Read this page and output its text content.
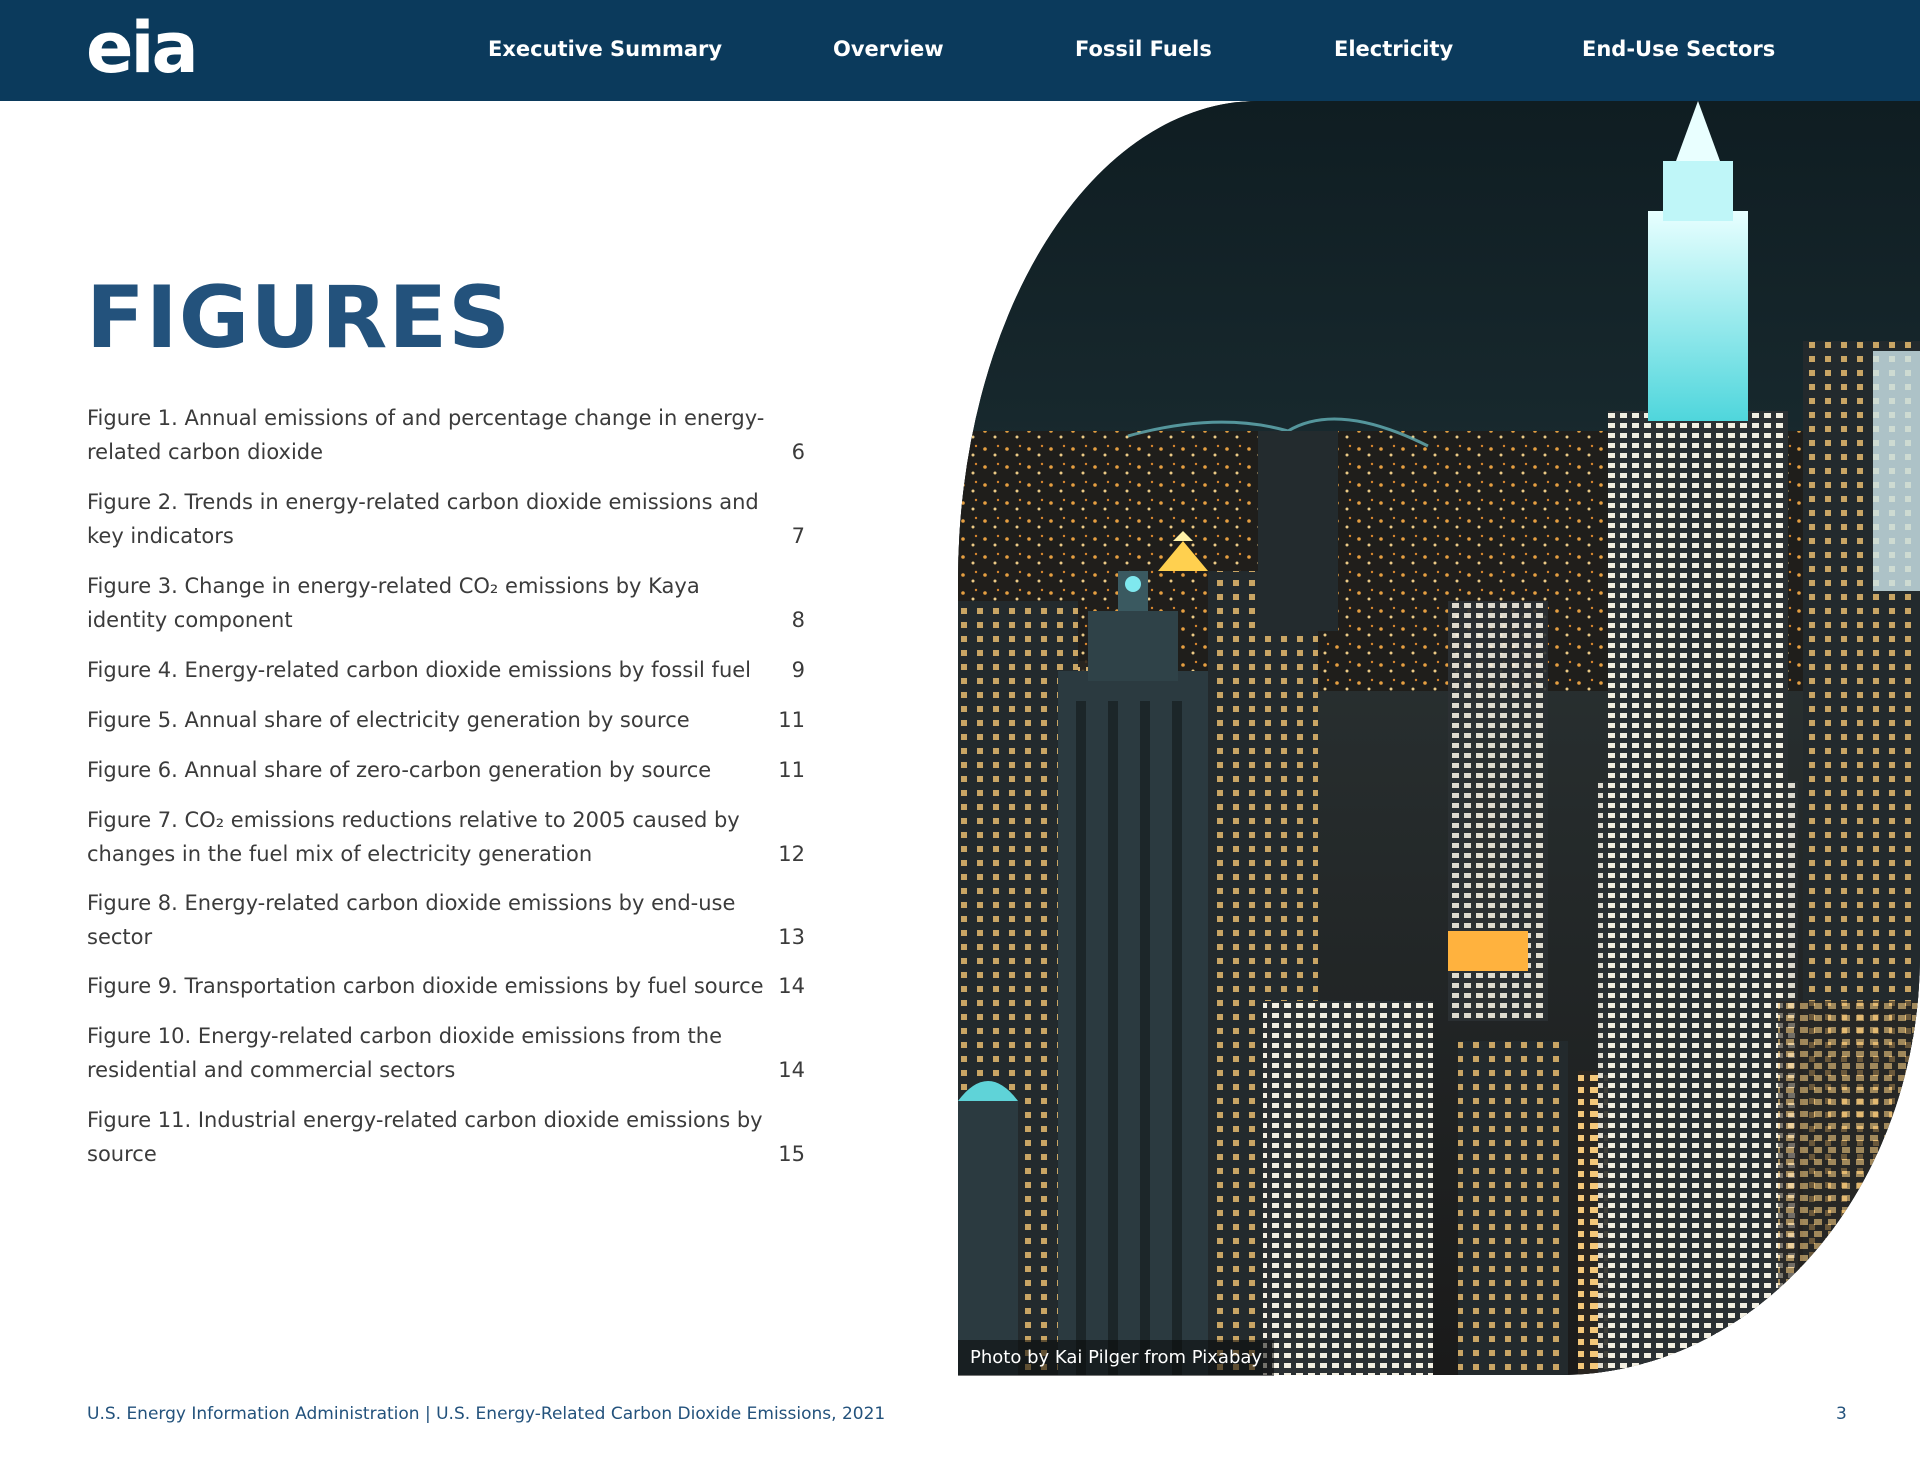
eia	Executive Summary	Overview	Fossil Fuels	Electricity	End-Use Sectors
FIGURES
Figure 1. Annual emissions of and percentage change in energy-related carbon dioxide	6
Figure 2. Trends in energy-related carbon dioxide emissions and key indicators	7
Figure 3. Change in energy-related CO₂ emissions by Kaya identity component	8
Figure 4. Energy-related carbon dioxide emissions by fossil fuel	9
Figure 5. Annual share of electricity generation by source	11
Figure 6. Annual share of zero-carbon generation by source	11
Figure 7. CO₂ emissions reductions relative to 2005 caused by changes in the fuel mix of electricity generation	12
Figure 8. Energy-related carbon dioxide emissions by end-use sector	13
Figure 9. Transportation carbon dioxide emissions by fuel source 14
Figure 10. Energy-related carbon dioxide emissions from the residential and commercial sectors	14
Figure 11. Industrial energy-related carbon dioxide emissions by source	15
Photo by Kai Pilger from Pixabay
U.S. Energy Information Administration | U.S. Energy-Related Carbon Dioxide Emissions, 2021	3
